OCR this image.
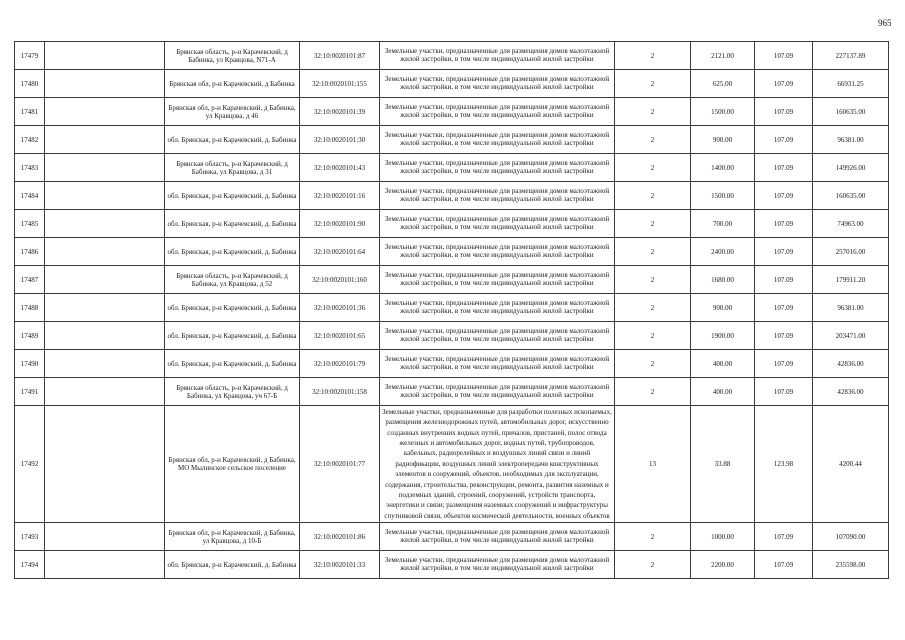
965
17479		Брянская область, р-н Карачевский, д Бабинка, ул Кравцова, N71-А	32:10:0020101:87	Земельные участки, предназначенные для размещения домов малоэтажной жилой застройки, в том числе индивидуальной жилой застройки	2	2121.00	107.09	227137.89
17480		Брянская обл, р-н Карачевский, д Бабинка	32:10:0020101:155	Земельные участки, предназначенные для размещения домов малоэтажной жилой застройки, в том числе индивидуальной жилой застройки	2	625.00	107.09	66931.25
17481		Брянская обл, р-н Карачевский, д Бабинка, ул Кравцова, д 46	32:10:0020101:39	Земельные участки, предназначенные для размещения домов малоэтажной жилой застройки, в том числе индивидуальной жилой застройки	2	1500.00	107.09	160635.00
17482		обл. Брянская, р-н Карачевский, д. Бабинка	32:10:0020101:30	Земельные участки, предназначенные для размещения домов малоэтажной жилой застройки, в том числе индивидуальной жилой застройки	2	900.00	107.09	96381.00
17483		Брянская область, р-н Карачевский, д Бабинка, ул Кравцова, д 31	32:10:0020101:43	Земельные участки, предназначенные для размещения домов малоэтажной жилой застройки, в том числе индивидуальной жилой застройки	2	1400.00	107.09	149926.00
17484		обл. Брянская, р-н Карачевский, д. Бабинка	32:10:0020101:16	Земельные участки, предназначенные для размещения домов малоэтажной жилой застройки, в том числе индивидуальной жилой застройки	2	1500.00	107.09	160635.00
17485		обл. Брянская, р-н Карачевский, д. Бабинка	32:10:0020101:90	Земельные участки, предназначенные для размещения домов малоэтажной жилой застройки, в том числе индивидуальной жилой застройки	2	700.00	107.09	74963.00
17486		обл. Брянская, р-н Карачевский, д. Бабинка	32:10:0020101:64	Земельные участки, предназначенные для размещения домов малоэтажной жилой застройки, в том числе индивидуальной жилой застройки	2	2400.00	107.09	257016.00
17487		Брянская область, р-н Карачевский, д Бабинка, ул Кравцова, д 52	32:10:0020101:160	Земельные участки, предназначенные для размещения домов малоэтажной жилой застройки, в том числе индивидуальной жилой застройки	2	1680.00	107.09	179911.20
17488		обл. Брянская, р-н Карачевский, д. Бабинка	32:10:0020101:36	Земельные участки, предназначенные для размещения домов малоэтажной жилой застройки, в том числе индивидуальной жилой застройки	2	900.00	107.09	96381.00
17489		обл. Брянская, р-н Карачевский, д. Бабинка	32:10:0020101:65	Земельные участки, предназначенные для размещения домов малоэтажной жилой застройки, в том числе индивидуальной жилой застройки	2	1900.00	107.09	203471.00
17490		обл. Брянская, р-н Карачевский, д. Бабинка	32:10:0020101:79	Земельные участки, предназначенные для размещения домов малоэтажной жилой застройки, в том числе индивидуальной жилой застройки	2	400.00	107.09	42836.00
17491		Брянская область, р-н Карачевский, д Бабинка, ул Кравцова, уч 67-Б	32:10:0020101:158	Земельные участки, предназначенные для размещения домов малоэтажной жилой застройки, в том числе индивидуальной жилой застройки	2	400.00	107.09	42836.00
17492		Брянская обл, р-н Карачевский, д Бабинка, МО Мылинское сельское поселение	32:10:0020101:77	Земельные участки, предназначенные для разработки полезных ископаемых, размещения железнодорожных путей, автомобильных дорог, искусственно созданных внутренних водных путей, причалов, пристаней, полос отвода железных и автомобильных дорог, водных путей, трубопроводов, кабельных, радиорелейных и воздушных линий связи и линий радиофикации, воздушных линий электропередачи конструктивных элементов и сооружений, объектов, необходимых для эксплуатации, содержания, строительства, реконструкции, ремонта, развития наземных и подземных зданий, строений, сооружений, устройств транспорта, энергетики и связи; размещения наземных сооружений и инфраструктуры спутниковой связи, объектов космической деятельности, военных объектов	13	33.88	123.98	4200.44
17493		Брянская обл, р-н Карачевский, д Бабинка, ул Кравцова, д 10-Б	32:10:0020101:86	Земельные участки, предназначенные для размещения домов малоэтажной жилой застройки, в том числе индивидуальной жилой застройки	2	1000.00	107.09	107090.00
17494		обл. Брянская, р-н Карачевский, д. Бабинка	32:10:0020101:33	Земельные участки, предназначенные для размещения домов малоэтажной жилой застройки, в том числе индивидуальной жилой застройки	2	2200.00	107.09	235598.00
